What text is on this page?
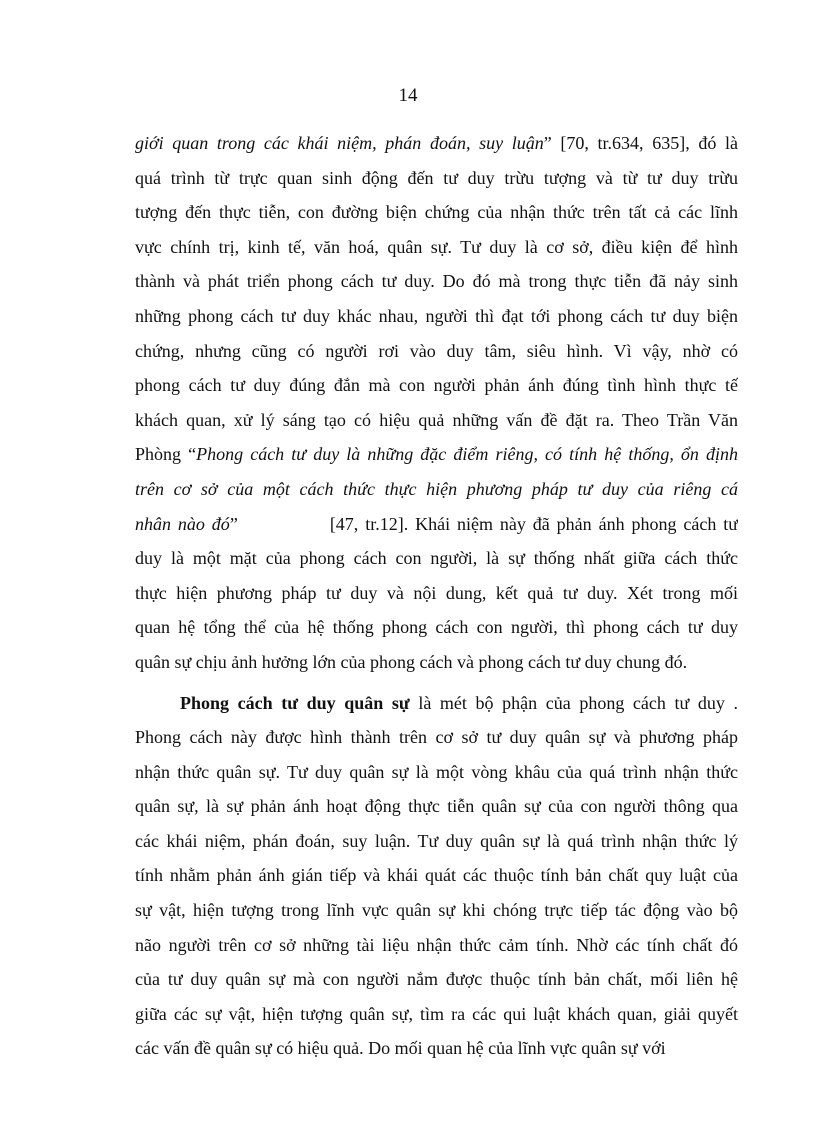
14
giới quan trong các khái niệm, phán đoán, suy luận” [70, tr.634, 635], đó là
quá trình từ trực quan sinh động đến tư duy trừu tượng và từ tư duy trừu
tượng đến thực tiễn, con đường biện chứng của nhận thức trên tất cả các lĩnh
vực chính trị, kinh tế, văn hoá, quân sự. Tư duy là cơ sở, điều kiện để hình
thành và phát triển phong cách tư duy. Do đó mà trong thực tiễn đã nảy sinh
những phong cách tư duy khác nhau, người thì đạt tới phong cách tư duy biện
chứng, nhưng cũng có người rơi vào duy tâm, siêu hình. Vì vậy, nhờ có
phong cách tư duy đúng đắn mà con người phản ánh đúng tình hình thực tế
khách quan, xử lý sáng tạo có hiệu quả những vấn đề đặt ra. Theo Trần Văn
Phòng “Phong cách tư duy là những đặc điểm riêng, có tính hệ thống, ổn định
trên cơ sở của một cách thức thực hiện phương pháp tư duy của riêng cá
nhân nào đó”	[47, tr.12]. Khái niệm này đã phản ánh phong cách tư
duy là một mặt của phong cách con người, là sự thống nhất giữa cách thức
thực hiện phương pháp tư duy và nội dung, kết quả tư duy. Xét trong mối
quan hệ tổng thể của hệ thống phong cách con người, thì phong cách tư duy
quân sự chịu ảnh hưởng lớn của phong cách và phong cách tư duy chung đó.
Phong cách tư duy quân sự là mét bộ phận của phong cách tư duy .
Phong cách này được hình thành trên cơ sở tư duy quân sự và phương pháp
nhận thức quân sự. Tư duy quân sự là một vòng khâu của quá trình nhận thức
quân sự, là sự phản ánh hoạt động thực tiễn quân sự của con người thông qua
các khái niệm, phán đoán, suy luận. Tư duy quân sự là quá trình nhận thức lý
tính nhằm phản ánh gián tiếp và khái quát các thuộc tính bản chất quy luật của
sự vật, hiện tượng trong lĩnh vực quân sự khi chóng trực tiếp tác động vào bộ
não người trên cơ sở những tài liệu nhận thức cảm tính. Nhờ các tính chất đó
của tư duy quân sự mà con người nắm được thuộc tính bản chất, mối liên hệ
giữa các sự vật, hiện tượng quân sự, tìm ra các qui luật khách quan, giải quyết
các vấn đề quân sự có hiệu quả. Do mối quan hệ của lĩnh vực quân sự với
